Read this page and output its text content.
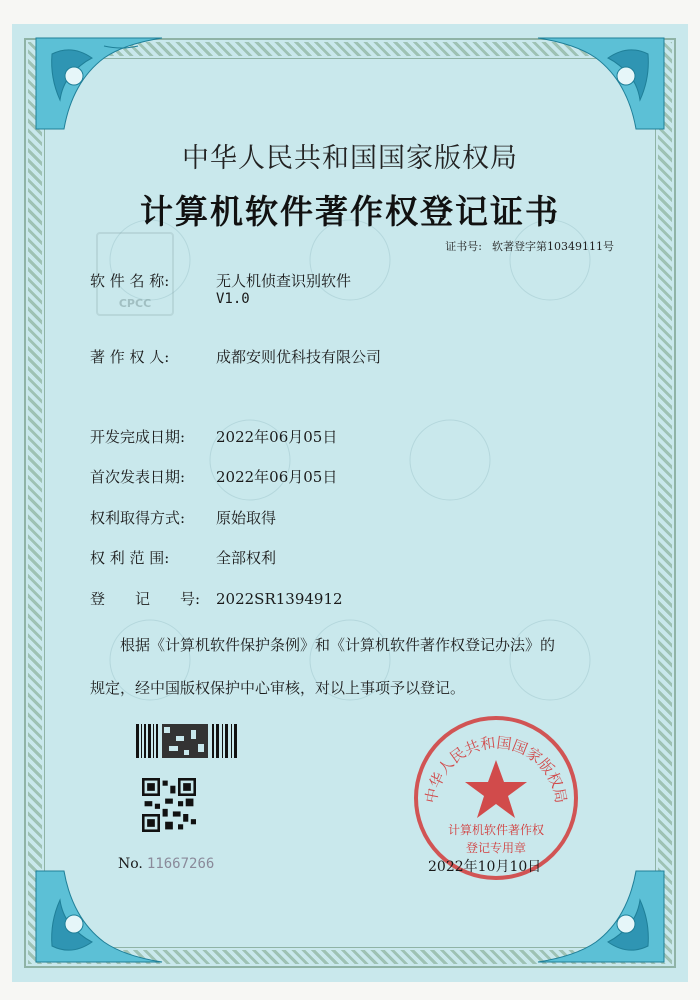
中华人民共和国国家版权局
计算机软件著作权登记证书
证书号: 软著登字第10349111号
CPCC
软 件 名 称:	无人机侦查识别软件
V1.0
著 作 权 人:	成都安则优科技有限公司
开发完成日期: 2022年06月05日
首次发表日期: 2022年06月05日
权利取得方式: 原始取得
权 利 范 围:	全部权利
登　　记　　号: 2022SR1394912
根据《计算机软件保护条例》和《计算机软件著作权登记办法》的
规定，经中国版权保护中心审核，对以上事项予以登记。
No. 11667266
中华人民共和国国家版权局
计算机软件著作权
登记专用章
2022年10月10日
